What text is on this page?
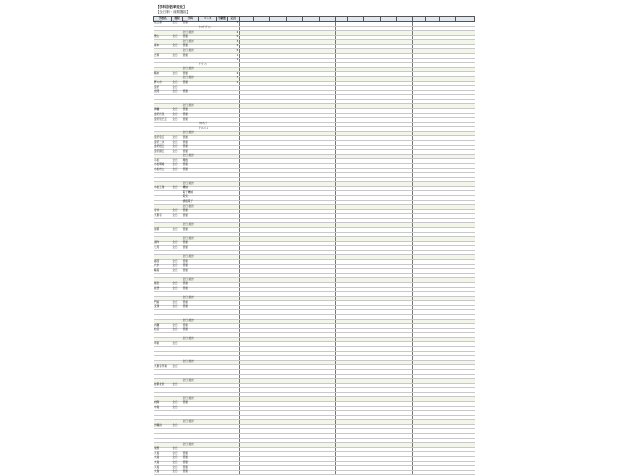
【学科別倍率変化】
【全日制・前期選抜】
学校名	課程	学科	コース	学級数	定員															
桜丘高	全日	普通			5															
			ﾗｲﾌﾃﾞｻﾞｲﾝ																	
		全日 総計			2															
豊山	全日	普通			0															
		全日 総計			3															
森本	全日	普通			4															
		全日 総計			5															
志賀	全日	普通			1															
					1															
			ﾃﾞｻﾞｲﾝ																	
		全日 総計																		
鶴来	全日	普通			9															
		全日 総計			7															
野々市	全日	普通			2															
金沢	全日																			
北陸	全日	普通																		

		全日 総計																		
津幡	全日	普通																		
金沢伏見	全日	普通																		
金沢辰巳丘	全日	普通																		
			ﾌﾛﾝﾃｨｱ																	
			ｸﾞﾛｰﾊﾞﾙ																	
		全日 総計																		
金沢泉丘	全日	普通																		
金沢二水	全日	普通																		
金沢桜丘	全日	普通																		
金沢錦丘	全日	普通																		
		全日 総計																		
小松	全日	理数																		
小松明峰	全日	普通																		
小松市立	全日	普通																		

		全日 総計																		
小松工業	全日	機械																		
		電子機械																		
		電気																		
		情報電子																		
		全日 総計																		
寺井	全日	普通																		
大聖寺	全日	普通																		

		全日 総計																		
加賀	全日	普通																		

		全日 総計																		
羽咋	全日	普通																		
七尾	全日	普通																		

		全日 総計																		
鹿西	全日	普通																		
穴水	全日	普通																		
輪島	全日	普通																		

		全日 総計																		
飯田	全日	普通																		
能登	全日	普通																		

		全日 総計																		
門前	全日	普通																		
宝達	全日	普通																		

		全日 総計																		
内灘	全日	普通																		
松任	全日	普通																		

		全日 総計																		
翠星	全日																			

		全日 総計																		
大聖寺実業	全日																			

		全日 総計																		
能都北辰	全日																			

		全日 総計																		
向陽	全日	普通																		
中島	全日																			

		全日 総計																		
田鶴浜	全日																			

		全日 総計																		
須曽	全日																			
大島	全日	普通																		
大島	全日	普通																		
大島	全日	普通																		
大島	全日	普通																		
大島	全日	普通																		
